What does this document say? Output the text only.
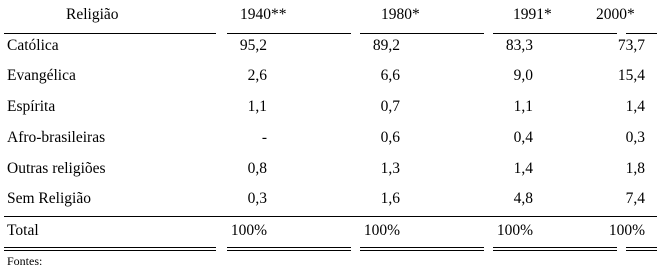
Religião	1940**	1980*	1991*	2000*
Católica	95,2	89,2	83,3	73,7
Evangélica	2,6	6,6	9,0	15,4
Espírita	1,1	0,7	1,1	1,4
Afro-brasileiras	-	0,6	0,4	0,3
Outras religiões	0,8	1,3	1,4	1,8
Sem Religião	0,3	1,6	4,8	7,4
Total	100%	100%	100%	100%
Fontes:
